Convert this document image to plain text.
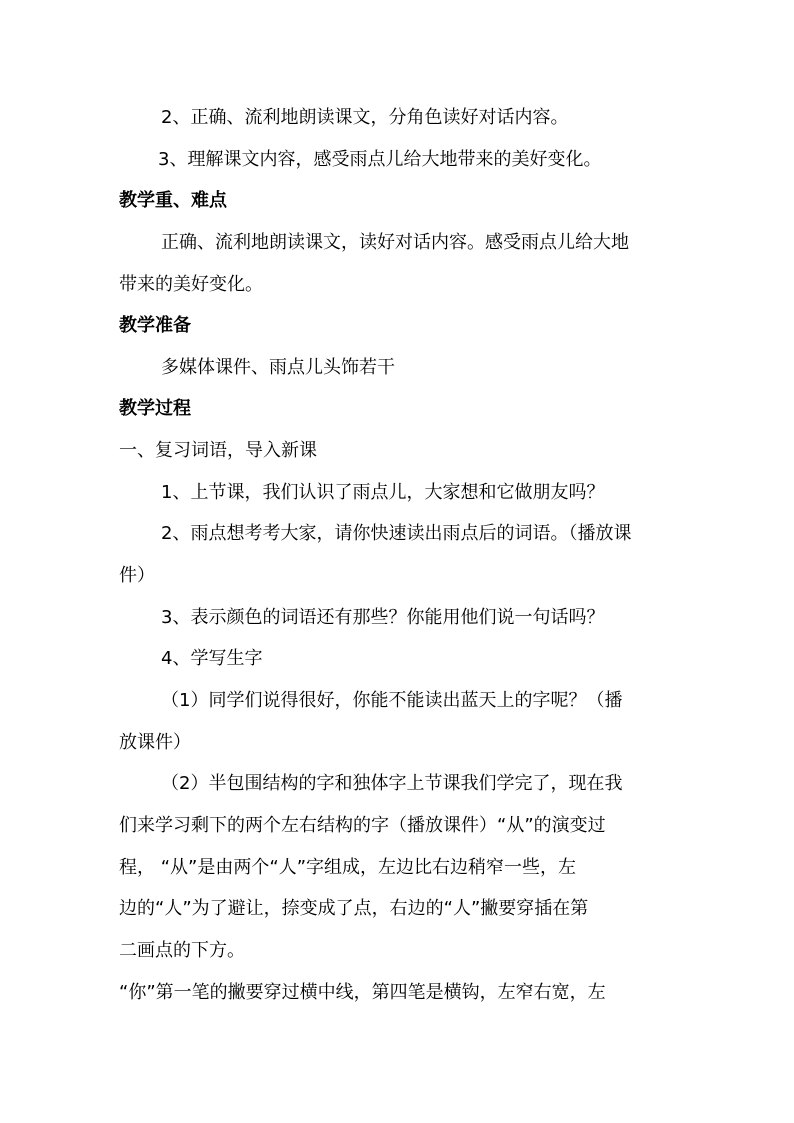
2、正确、流利地朗读课文，分角色读好对话内容。
3、理解课文内容，感受雨点儿给大地带来的美好变化。
教学重、难点
正确、流利地朗读课文，读好对话内容。感受雨点儿给大地
带来的美好变化。
教学准备
多媒体课件、雨点儿头饰若干
教学过程
一、复习词语，导入新课
1、上节课，我们认识了雨点儿，大家想和它做朋友吗？
2、雨点想考考大家，请你快速读出雨点后的词语。（播放课
件）
3、表示颜色的词语还有那些？你能用他们说一句话吗？
4、学写生字
（1）同学们说得很好，你能不能读出蓝天上的字呢？（播
放课件）
（2）半包围结构的字和独体字上节课我们学完了，现在我
们来学习剩下的两个左右结构的字（播放课件）“从”的演变过
程， “从”是由两个“人”字组成，左边比右边稍窄一些，左
边的“人”为了避让，捺变成了点，右边的“人”撇要穿插在第
二画点的下方。
“你”第一笔的撇要穿过横中线，第四笔是横钩，左窄右宽，左
